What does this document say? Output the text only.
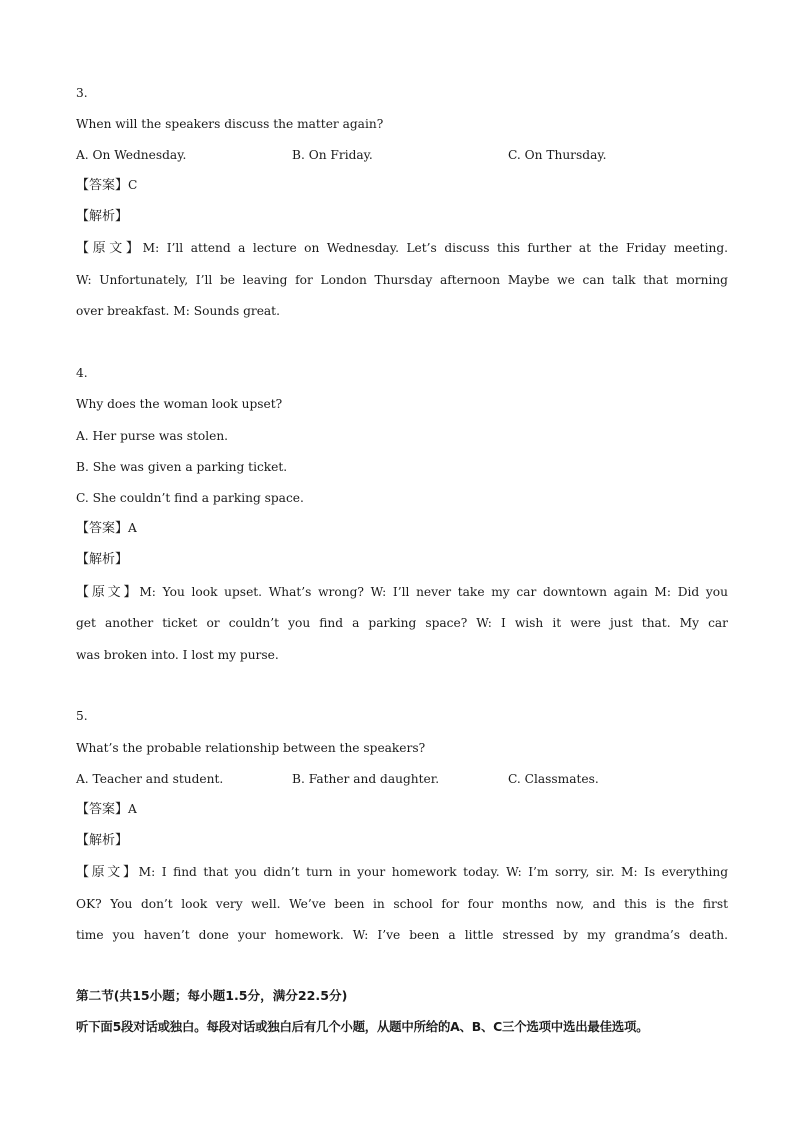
3.
When will the speakers discuss the matter again?
A. On Wednesday.	B. On Friday.	C. On Thursday.
【答案】C
【解析】
【原文】M: I’ll attend a lecture on Wednesday. Let’s discuss this further at the Friday meeting.
W: Unfortunately, I’ll be leaving for London Thursday afternoon Maybe we can talk that morning
over breakfast. M: Sounds great.
4.
Why does the woman look upset?
A. Her purse was stolen.
B. She was given a parking ticket.
C. She couldn’t find a parking space.
【答案】A
【解析】
【原文】M: You look upset. What’s wrong? W: I’ll never take my car downtown again M: Did you
get another ticket or couldn’t you find a parking space? W: I wish it were just that. My car
was broken into. I lost my purse.
5.
What’s the probable relationship between the speakers?
A. Teacher and student.	B. Father and daughter.	C. Classmates.
【答案】A
【解析】
【原文】M: I find that you didn’t turn in your homework today. W: I’m sorry, sir. M: Is everything
OK? You don’t look very well. We’ve been in school for four months now, and this is the first
time you haven’t done your homework. W: I’ve been a little stressed by my grandma’s death.
第二节(共15小题；每小题1.5分，满分22.5分)
听下面5段对话或独白。每段对话或独白后有几个小题，从题中所给的A、B、C三个选项中选出最佳选项。
